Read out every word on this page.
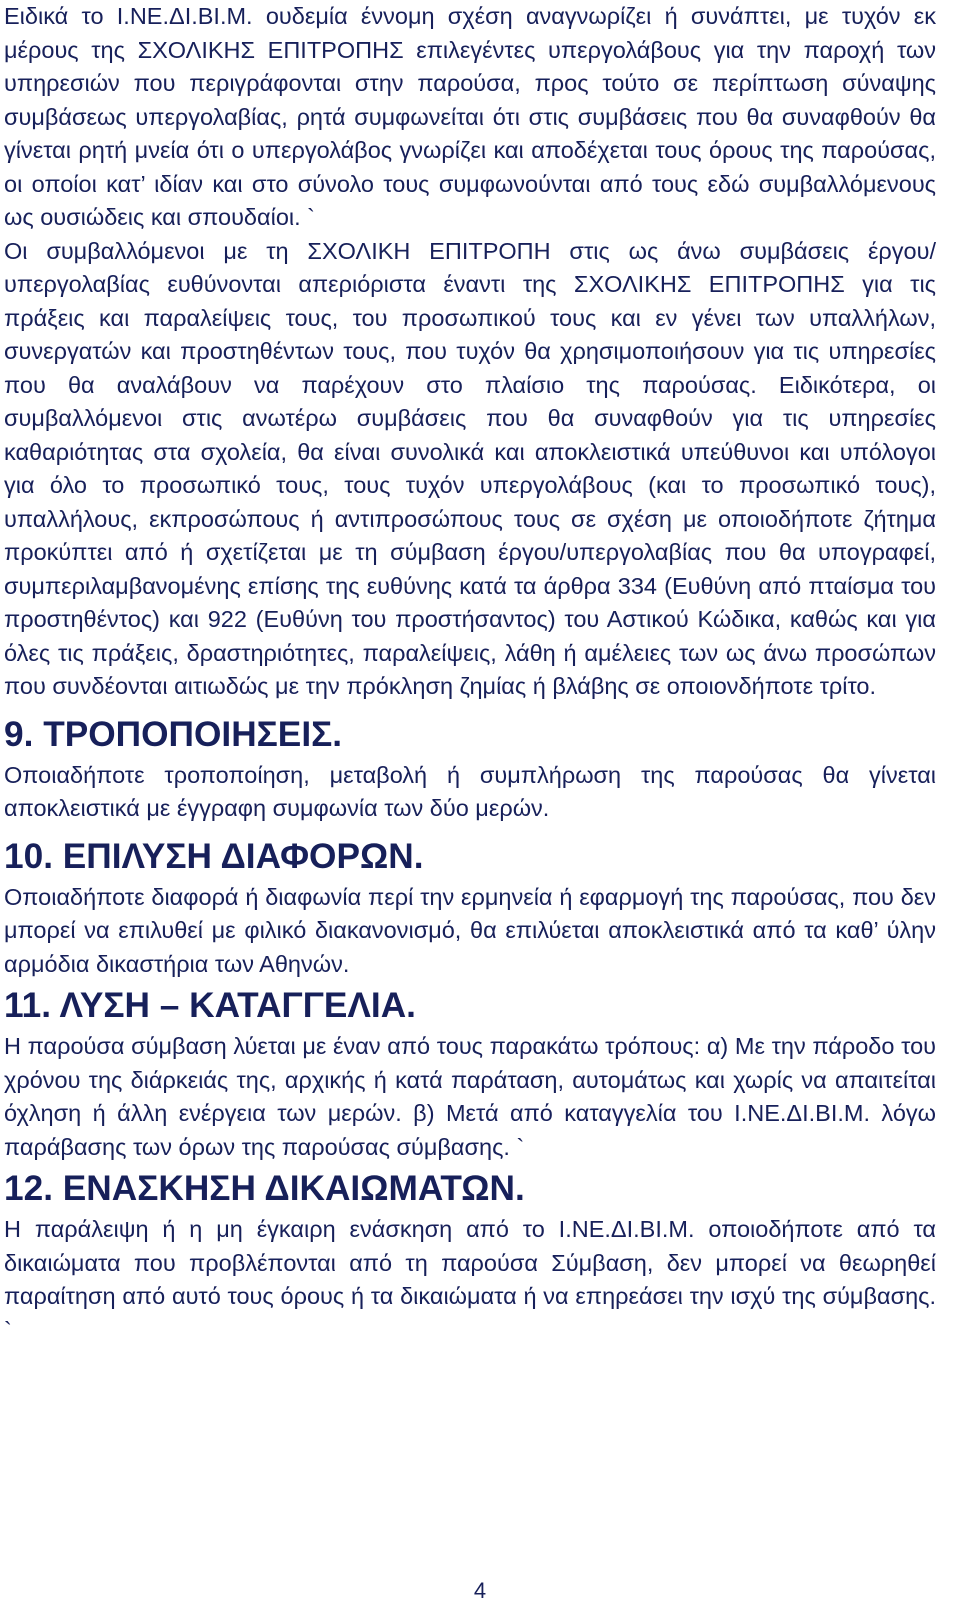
Ειδικά το Ι.ΝΕ.ΔΙ.ΒΙ.Μ. ουδεμία έννομη σχέση αναγνωρίζει ή συνάπτει, με τυχόν εκ μέρους της ΣΧΟΛΙΚΗΣ ΕΠΙΤΡΟΠΗΣ επιλεγέντες υπεργολάβους για την παροχή των υπηρεσιών που περιγράφονται στην παρούσα, προς τούτο σε περίπτωση σύναψης συμβάσεως υπεργολαβίας, ρητά συμφωνείται ότι στις συμβάσεις που θα συναφθούν θα γίνεται ρητή μνεία ότι ο υπεργολάβος γνωρίζει και αποδέχεται τους όρους της παρούσας, οι οποίοι κατ’ ιδίαν και στο σύνολο τους συμφωνούνται από τους εδώ συμβαλλόμενους ως ουσιώδεις και σπουδαίοι. `

Οι συμβαλλόμενοι με τη ΣΧΟΛΙΚΗ ΕΠΙΤΡΟΠΗ στις ως άνω συμβάσεις έργου/υπεργολαβίας ευθύνονται απεριόριστα έναντι της ΣΧΟΛΙΚΗΣ ΕΠΙΤΡΟΠΗΣ για τις πράξεις και παραλείψεις τους, του προσωπικού τους και εν γένει των υπαλλήλων, συνεργατών και προστηθέντων τους, που τυχόν θα χρησιμοποιήσουν για τις υπηρεσίες που θα αναλάβουν να παρέχουν στο πλαίσιο της παρούσας. Ειδικότερα, οι συμβαλλόμενοι στις ανωτέρω συμβάσεις που θα συναφθούν για τις υπηρεσίες καθαριότητας στα σχολεία, θα είναι συνολικά και αποκλειστικά υπεύθυνοι και υπόλογοι για όλο το προσωπικό τους, τους τυχόν υπεργολάβους (και το προσωπικό τους), υπαλλήλους, εκπροσώπους ή αντιπροσώπους τους σε σχέση με οποιοδήποτε ζήτημα προκύπτει από ή σχετίζεται με τη σύμβαση έργου/υπεργολαβίας που θα υπογραφεί, συμπεριλαμβανομένης επίσης της ευθύνης κατά τα άρθρα 334 (Ευθύνη από πταίσμα του προστηθέντος) και 922 (Ευθύνη του προστήσαντος) του Αστικού Κώδικα, καθώς και για όλες τις πράξεις, δραστηριότητες, παραλείψεις, λάθη ή αμέλειες των ως άνω προσώπων που συνδέονται αιτιωδώς με την πρόκληση ζημίας ή βλάβης σε οποιονδήποτε τρίτο.

9. ΤΡΟΠΟΠΟΙΗΣΕΙΣ.

Οποιαδήποτε τροποποίηση, μεταβολή ή συμπλήρωση της παρούσας θα γίνεται αποκλειστικά με έγγραφη συμφωνία των δύο μερών.

10. ΕΠΙΛΥΣΗ ΔΙΑΦΟΡΩΝ.

Οποιαδήποτε διαφορά ή διαφωνία περί την ερμηνεία ή εφαρμογή της παρούσας, που δεν μπορεί να επιλυθεί με φιλικό διακανονισμό, θα επιλύεται αποκλειστικά από τα καθ’ ύλην αρμόδια δικαστήρια των Αθηνών.

11. ΛΥΣΗ – ΚΑΤΑΓΓΕΛΙΑ.

Η παρούσα σύμβαση λύεται με έναν από τους παρακάτω τρόπους: α) Με την πάροδο του χρόνου της διάρκειάς της, αρχικής ή κατά παράταση, αυτομάτως και χωρίς να απαιτείται όχληση ή άλλη ενέργεια των μερών. β) Μετά από καταγγελία του Ι.ΝΕ.ΔΙ.ΒΙ.Μ. λόγω παράβασης των όρων της παρούσας σύμβασης. `

12. ΕΝΑΣΚΗΣΗ ΔΙΚΑΙΩΜΑΤΩΝ.

Η παράλειψη ή η μη έγκαιρη ενάσκηση από το Ι.ΝΕ.ΔΙ.ΒΙ.Μ. οποιοδήποτε από τα δικαιώματα που προβλέπονται από τη παρούσα Σύμβαση, δεν μπορεί να θεωρηθεί παραίτηση από αυτό τους όρους ή τα δικαιώματα ή να επηρεάσει την ισχύ της σύμβασης. `

4
